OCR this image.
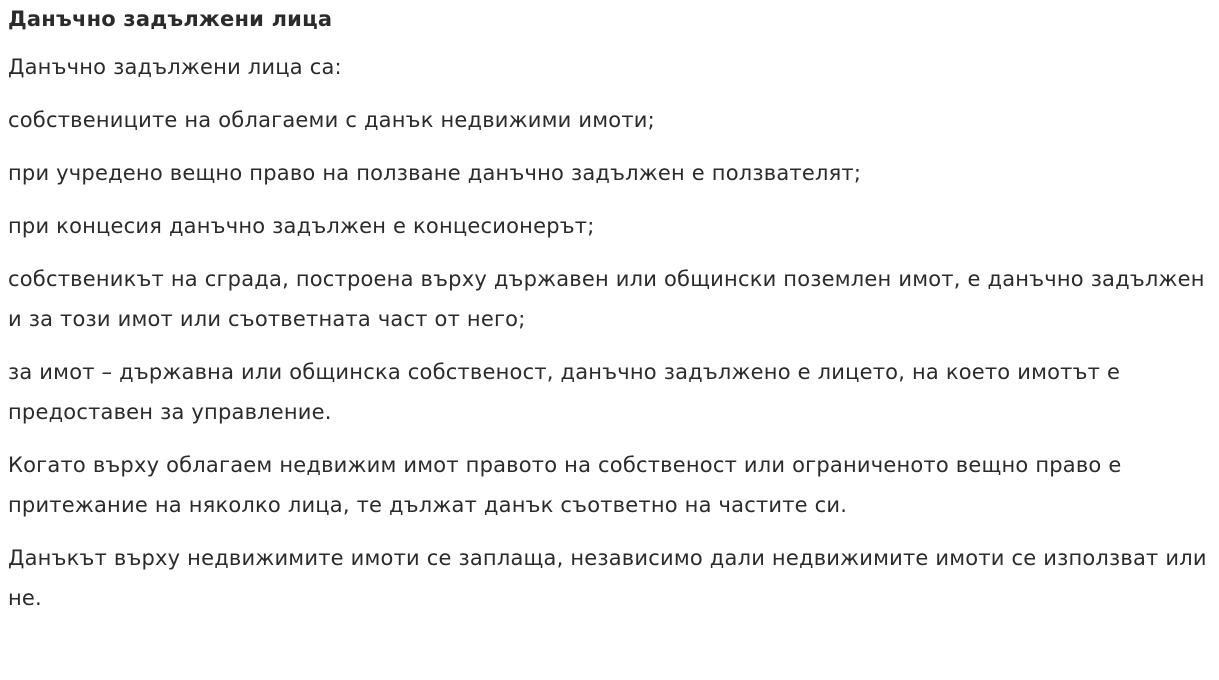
Данъчно задължени лица

Данъчно задължени лица са:

собствениците на облагаеми с данък недвижими имоти;

при учредено вещно право на ползване данъчно задължен е ползвателят;

при концесия данъчно задължен е концесионерът;

собственикът на сграда, построена върху държавен или общински поземлен имот, е данъчно задължен и за този имот или съответната част от него;

за имот – държавна или общинска собственост, данъчно задължено е лицето, на което имотът е предоставен за управление.

Когато върху облагаем недвижим имот правото на собственост или ограниченото вещно право е притежание на няколко лица, те дължат данък съответно на частите си.

Данъкът върху недвижимите имоти се заплаща, независимо дали недвижимите имоти се използват или не.
